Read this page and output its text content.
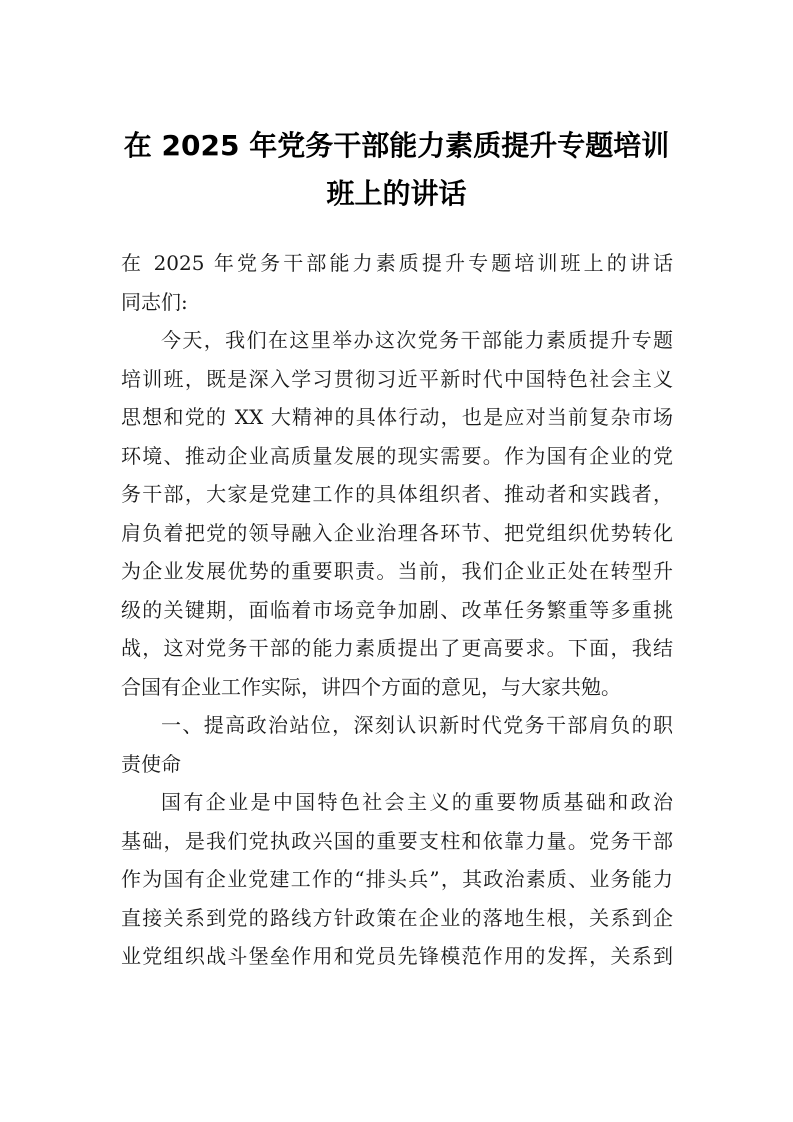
在 2025 年党务干部能力素质提升专题培训
班上的讲话
在 2025 年党务干部能力素质提升专题培训班上的讲话
同志们:
今天，我们在这里举办这次党务干部能力素质提升专题
培训班，既是深入学习贯彻习近平新时代中国特色社会主义
思想和党的 XX 大精神的具体行动，也是应对当前复杂市场
环境、推动企业高质量发展的现实需要。作为国有企业的党
务干部，大家是党建工作的具体组织者、推动者和实践者，
肩负着把党的领导融入企业治理各环节、把党组织优势转化
为企业发展优势的重要职责。当前，我们企业正处在转型升
级的关键期，面临着市场竞争加剧、改革任务繁重等多重挑
战，这对党务干部的能力素质提出了更高要求。下面，我结
合国有企业工作实际，讲四个方面的意见，与大家共勉。
一、提高政治站位，深刻认识新时代党务干部肩负的职
责使命
国有企业是中国特色社会主义的重要物质基础和政治
基础，是我们党执政兴国的重要支柱和依靠力量。党务干部
作为国有企业党建工作的“排头兵”，其政治素质、业务能力
直接关系到党的路线方针政策在企业的落地生根，关系到企
业党组织战斗堡垒作用和党员先锋模范作用的发挥，关系到
